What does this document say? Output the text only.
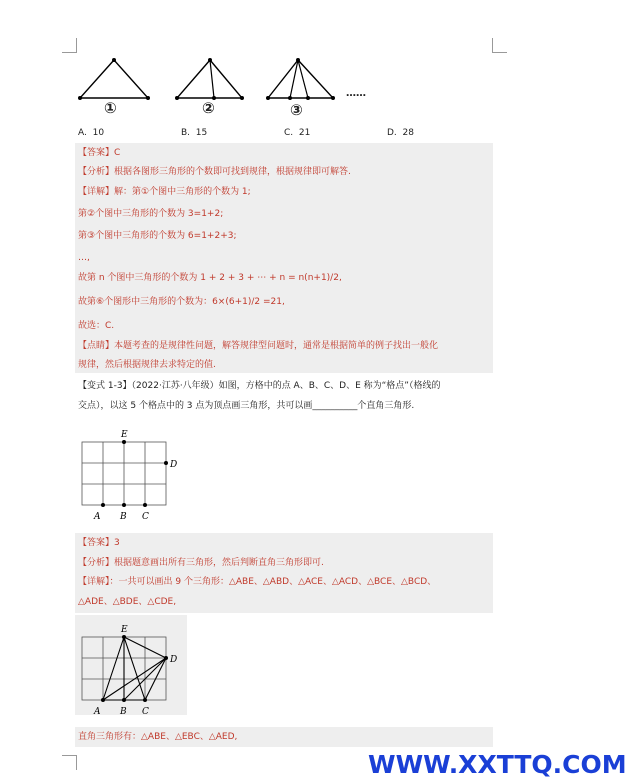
①	②	③
……
A. 10	B. 15	C. 21	D. 28
【答案】C
【分析】根据各图形三角形的个数即可找到规律，根据规律即可解答.
【详解】解：第①个图中三角形的个数为 1;
第②个图中三角形的个数为 3=1+2;
第③个图中三角形的个数为 6=1+2+3;
…,
故第 n 个图中三角形的个数为 1 + 2 + 3 + ⋯ + n = n(n+1)/2,
故第⑥个图形中三角形的个数为：6×(6+1)/2 =21,
故选：C.
【点睛】本题考查的是规律性问题，解答规律型问题时，通常是根据简单的例子找出一般化
规律，然后根据规律去求特定的值.
【变式 1-3】（2022·江苏·八年级）如图，方格中的点 A、B、C、D、E 称为“格点”（格线的
交点），以这 5 个格点中的 3 点为顶点画三角形，共可以画__________个直角三角形.
E
D
A B C
【答案】3
【分析】根据题意画出所有三角形，然后判断直角三角形即可.
【详解】：一共可以画出 9 个三角形：△ABE、△ABD、△ACE、△ACD、△BCE、△BCD、
△ADE、△BDE、△CDE,
E
D
A B C
直角三角形有：△ABE、△EBC、△AED,
WWW.XXTTQ.COM
